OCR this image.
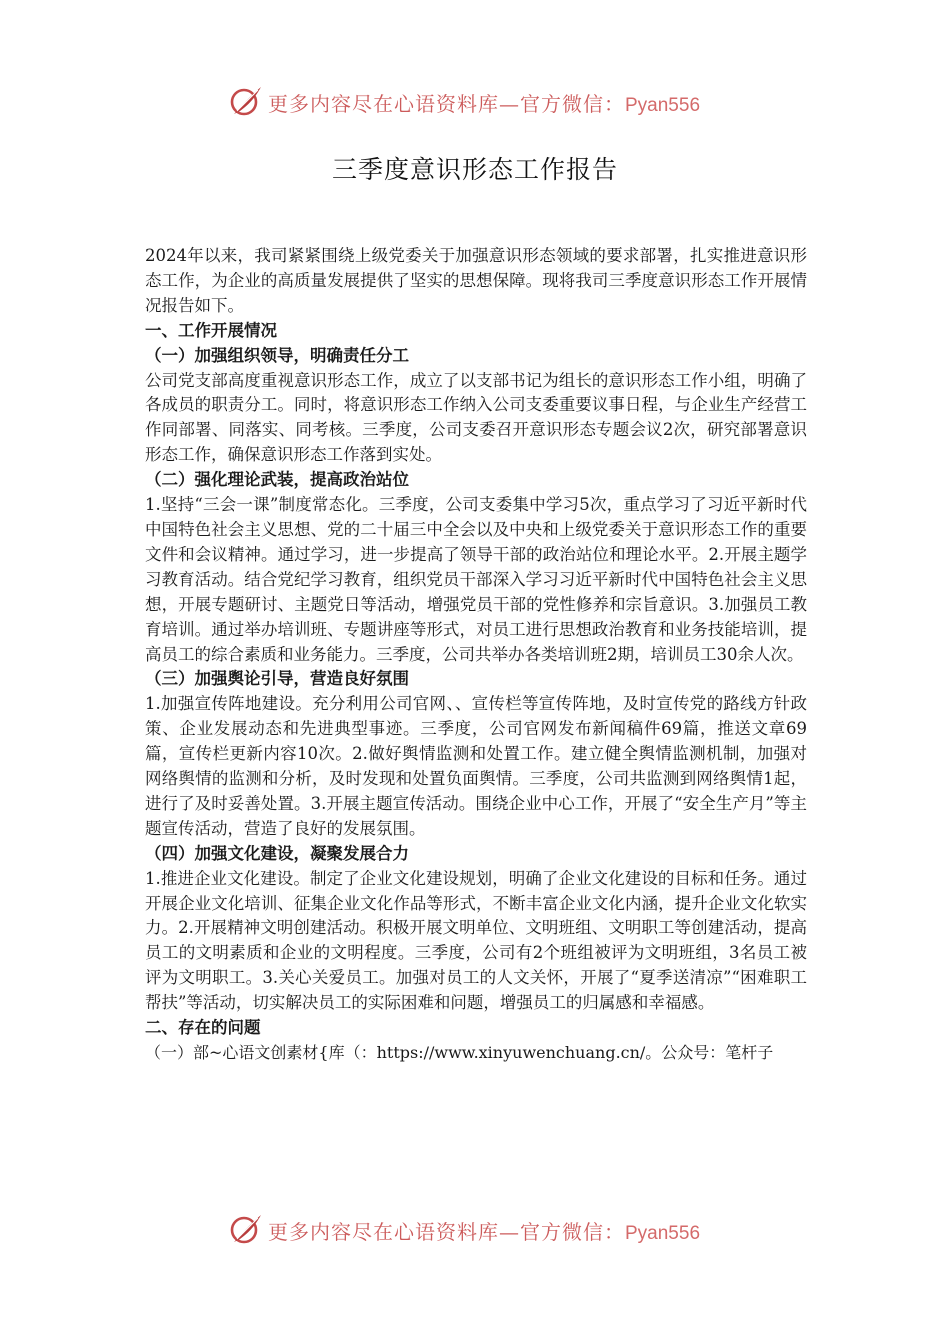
更多内容尽在心语资料库—官方微信：Pyan556
三季度意识形态工作报告

2024年以来，我司紧紧围绕上级党委关于加强意识形态领域的要求部署，扎实推进意识形态工作，为企业的高质量发展提供了坚实的思想保障。现将我司三季度意识形态工作开展情况报告如下。

一、工作开展情况

（一）加强组织领导，明确责任分工

公司党支部高度重视意识形态工作，成立了以支部书记为组长的意识形态工作小组，明确了各成员的职责分工。同时，将意识形态工作纳入公司支委重要议事日程，与企业生产经营工作同部署、同落实、同考核。三季度，公司支委召开意识形态专题会议2次，研究部署意识形态工作，确保意识形态工作落到实处。

（二）强化理论武装，提高政治站位

1.坚持“三会一课”制度常态化。三季度，公司支委集中学习5次，重点学习了习近平新时代中国特色社会主义思想、党的二十届三中全会以及中央和上级党委关于意识形态工作的重要文件和会议精神。通过学习，进一步提高了领导干部的政治站位和理论水平。2.开展主题学习教育活动。结合党纪学习教育，组织党员干部深入学习习近平新时代中国特色社会主义思想，开展专题研讨、主题党日等活动，增强党员干部的党性修养和宗旨意识。3.加强员工教育培训。通过举办培训班、专题讲座等形式，对员工进行思想政治教育和业务技能培训，提高员工的综合素质和业务能力。三季度，公司共举办各类培训班2期，培训员工30余人次。

（三）加强舆论引导，营造良好氛围

1.加强宣传阵地建设。充分利用公司官网、、宣传栏等宣传阵地，及时宣传党的路线方针政策、企业发展动态和先进典型事迹。三季度，公司官网发布新闻稿件69篇，推送文章69篇，宣传栏更新内容10次。2.做好舆情监测和处置工作。建立健全舆情监测机制，加强对网络舆情的监测和分析，及时发现和处置负面舆情。三季度，公司共监测到网络舆情1起，进行了及时妥善处置。3.开展主题宣传活动。围绕企业中心工作，开展了“安全生产月”等主题宣传活动，营造了良好的发展氛围。

（四）加强文化建设，凝聚发展合力

1.推进企业文化建设。制定了企业文化建设规划，明确了企业文化建设的目标和任务。通过开展企业文化培训、征集企业文化作品等形式，不断丰富企业文化内涵，提升企业文化软实力。2.开展精神文明创建活动。积极开展文明单位、文明班组、文明职工等创建活动，提高员工的文明素质和企业的文明程度。三季度，公司有2个班组被评为文明班组，3名员工被评为文明职工。3.关心关爱员工。加强对员工的人文关怀，开展了“夏季送清凉”“困难职工帮扶”等活动，切实解决员工的实际困难和问题，增强员工的归属感和幸福感。

二、存在的问题

（一）部~心语文创素材{库（：https://www.xinyuwenchuang.cn/。公众号：笔杆子

更多内容尽在心语资料库—官方微信：Pyan556
